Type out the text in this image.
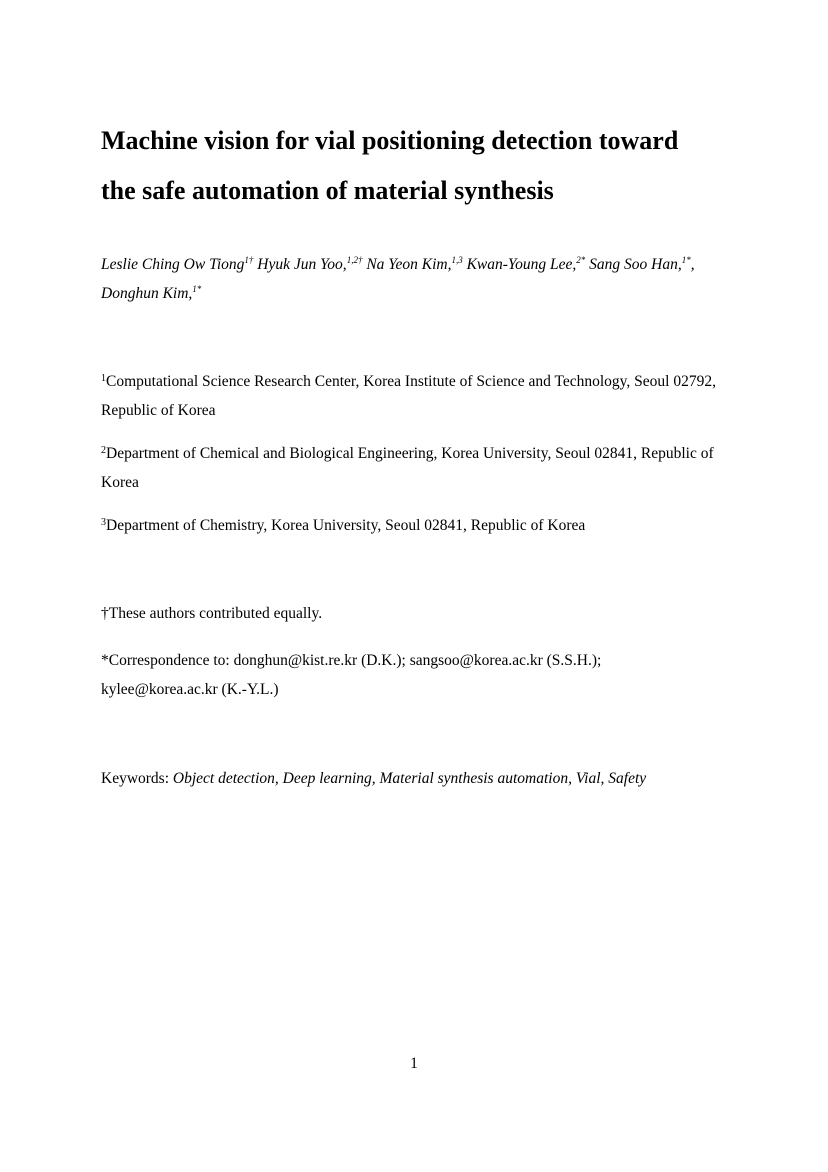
Machine vision for vial positioning detection toward
the safe automation of material synthesis

Leslie Ching Ow Tiong$^{1\dagger}$ Hyuk Jun Yoo,$^{1,2\dagger}$ Na Yeon Kim,$^{1,3}$ Kwan-Young Lee,$^{2*}$ Sang Soo Han,$^{1*}$, Donghun Kim,$^{1*}$

$^1$Computational Science Research Center, Korea Institute of Science and Technology, Seoul 02792, Republic of Korea

$^2$Department of Chemical and Biological Engineering, Korea University, Seoul 02841, Republic of Korea

$^3$Department of Chemistry, Korea University, Seoul 02841, Republic of Korea

†These authors contributed equally.

*Correspondence to: donghun@kist.re.kr (D.K.); sangsoo@korea.ac.kr (S.S.H.);
kylee@korea.ac.kr (K.-Y.L.)

Keywords: Object detection, Deep learning, Material synthesis automation, Vial, Safety

1
